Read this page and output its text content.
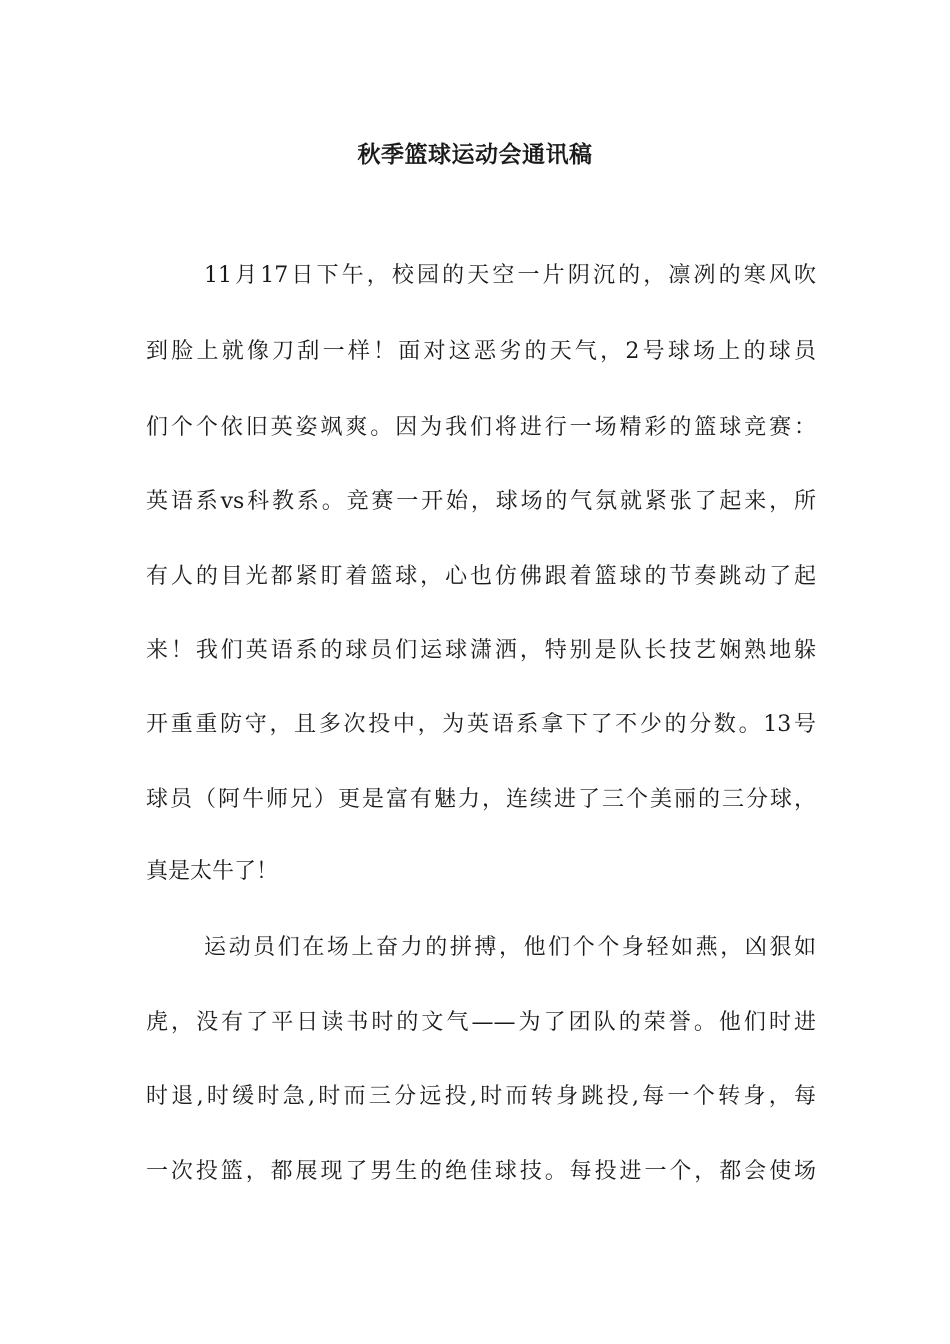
秋季篮球运动会通讯稿
11月17日下午，校园的天空一片阴沉的，凛冽的寒风吹
到脸上就像刀刮一样！面对这恶劣的天气，2号球场上的球员
们个个依旧英姿飒爽。因为我们将进行一场精彩的篮球竞赛：
英语系vs科教系。竞赛一开始，球场的气氛就紧张了起来，所
有人的目光都紧盯着篮球，心也仿佛跟着篮球的节奏跳动了起
来！我们英语系的球员们运球潇洒，特别是队长技艺娴熟地躲
开重重防守，且多次投中，为英语系拿下了不少的分数。13号
球员（阿牛师兄）更是富有魅力，连续进了三个美丽的三分球，
真是太牛了！
运动员们在场上奋力的拼搏，他们个个身轻如燕，凶狠如
虎，没有了平日读书时的文气——为了团队的荣誉。他们时进
时退,时缓时急,时而三分远投,时而转身跳投,每一个转身，每
一次投篮，都展现了男生的绝佳球技。每投进一个，都会使场
